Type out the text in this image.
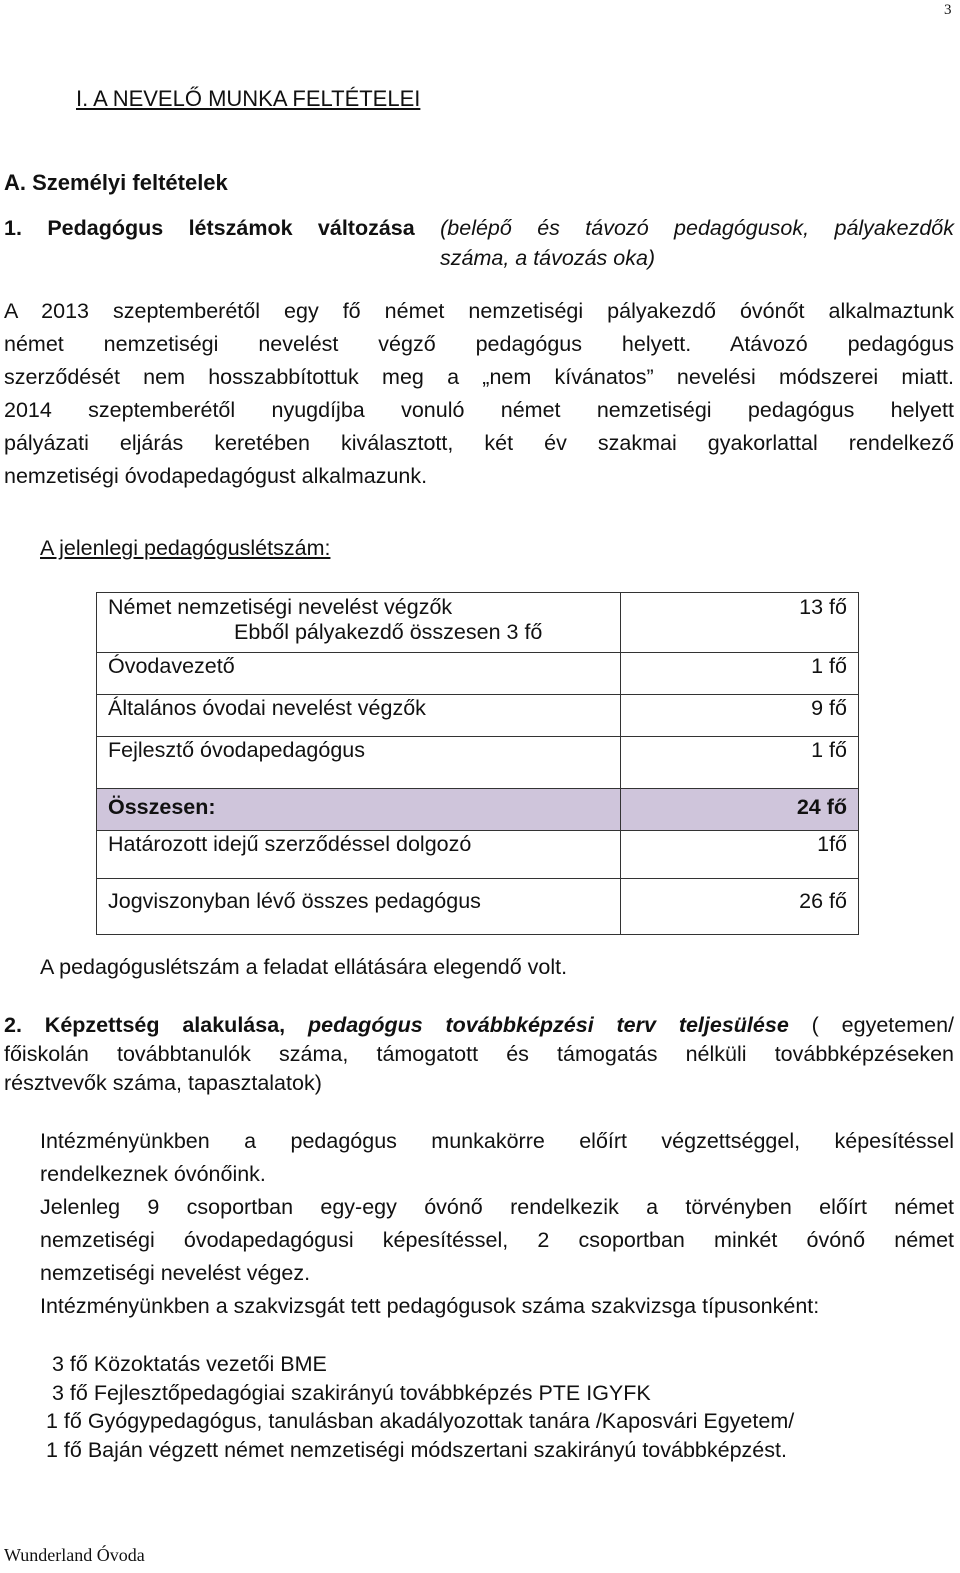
3
I. A NEVELŐ MUNKA FELTÉTELEI
A. Személyi feltételek
1. Pedagógus létszámok változása (belépő és távozó pedagógusok, pályakezdők
száma, a távozás oka)
A 2013 szeptemberétől egy fő német nemzetiségi pályakezdő óvónőt alkalmaztunk
német nemzetiségi nevelést végző pedagógus helyett. Atávozó pedagógus
szerződését nem hosszabbítottuk meg a „nem kívánatos” nevelési módszerei miatt.
2014 szeptemberétől nyugdíjba vonuló német nemzetiségi pedagógus helyett
pályázati eljárás keretében kiválasztott, két év szakmai gyakorlattal rendelkező
nemzetiségi óvodapedagógust alkalmazunk.
A jelenlegi pedagóguslétszám:
Német nemzetiségi nevelést végzők
Ebből pályakezdő összesen 3 fő	13 fő
Óvodavezető	1 fő
Általános óvodai nevelést végzők	9 fő
Fejlesztő óvodapedagógus	1 fő
Összesen:	24 fő
Határozott idejű szerződéssel dolgozó	1fő
Jogviszonyban lévő összes pedagógus	26 fő
A pedagóguslétszám a feladat ellátására elegendő volt.
2. Képzettség alakulása, pedagógus továbbképzési terv teljesülése ( egyetemen/
főiskolán továbbtanulók száma, támogatott és támogatás nélküli továbbképzéseken
résztvevők száma, tapasztalatok)
Intézményünkben a pedagógus munkakörre előírt végzettséggel, képesítéssel
rendelkeznek óvónőink.
Jelenleg 9 csoportban egy-egy óvónő rendelkezik a törvényben előírt német
nemzetiségi óvodapedagógusi képesítéssel, 2 csoportban minkét óvónő német
nemzetiségi nevelést végez.
Intézményünkben a szakvizsgát tett pedagógusok száma szakvizsga típusonként:
3 fő Közoktatás vezetői BME
3 fő Fejlesztőpedagógiai szakirányú továbbképzés PTE IGYFK
1 fő Gyógypedagógus, tanulásban akadályozottak tanára /Kaposvári Egyetem/
1 fő Baján végzett német nemzetiségi módszertani szakirányú továbbképzést.
Wunderland Óvoda
